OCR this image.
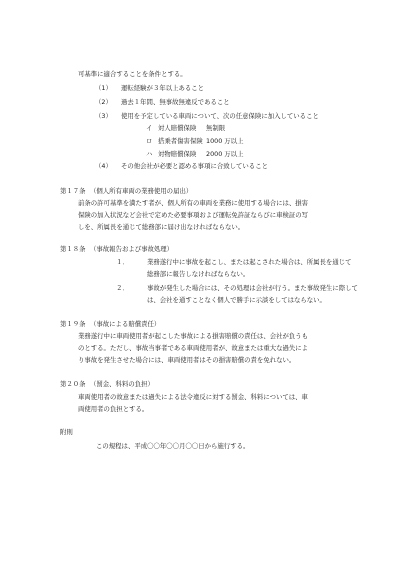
可基準に適合することを条件とする。
（1） 運転経験が３年以上あること
（2） 過去１年間、無事故無違反であること
（3） 使用を予定している車両について、次の任意保険に加入していること
イ 対人賠償保険 無制限
ロ 搭乗者傷害保険 1000 万以上
ハ 対物賠償保険 2000 万以上
（4） その他会社が必要と認める事項に合致していること
第１７条 （個人所有車両の業務使用の届出）
前条の許可基準を満たす者が、個人所有の車両を業務に使用する場合には、損害
保険の加入状況など会社で定めた必要事項および運転免許証ならびに車検証の写
しを、所属長を通じて総務部に届け出なければならない。
第１８条 （事故報告および事故処理）
１．	業務遂行中に事故を起こし、または起こされた場合は、所属長を通じて
総務部に報告しなければならない。
２．	事故が発生した場合には、その処理は会社が行う。また事故発生に際して
は、会社を通すことなく個人で勝手に示談をしてはならない。
第１９条 （事故による賠償責任）
業務遂行中に車両使用者が起こした事故による損害賠償の責任は、会社が負うも
のとする。ただし、事故当事者である車両使用者が、故意または重大な過失によ
り事故を発生させた場合には、車両使用者はその損害賠償の責を免れない。
第２０条 （罰金、科料の負担）
車両使用者の故意または過失による法令違反に対する罰金、科料については、車
両使用者の負担とする。
附則
この規程は、平成〇〇年〇〇月〇〇日から施行する。
